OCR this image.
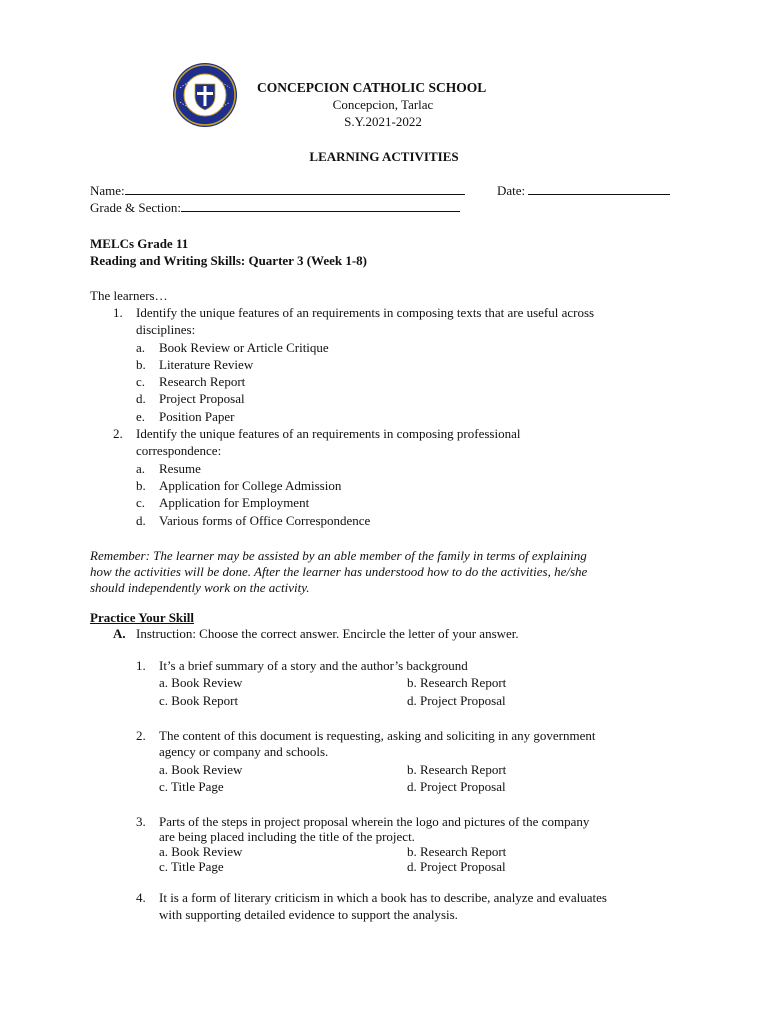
CONCEPCION CATHOLIC SCHOOL
Concepcion, Tarlac
S.Y.2021-2022
LEARNING ACTIVITIES
Name:	Date:
Grade & Section:
MELCs Grade 11
Reading and Writing Skills: Quarter 3 (Week 1-8)
The learners…
1. Identify the unique features of an requirements in composing texts that are useful across
disciplines:
a. Book Review or Article Critique
b. Literature Review
c. Research Report
d. Project Proposal
e. Position Paper
2. Identify the unique features of an requirements in composing professional
correspondence:
a. Resume
b. Application for College Admission
c. Application for Employment
d. Various forms of Office Correspondence
Remember: The learner may be assisted by an able member of the family in terms of explaining
how the activities will be done. After the learner has understood how to do the activities, he/she
should independently work on the activity.
Practice Your Skill
A. Instruction: Choose the correct answer. Encircle the letter of your answer.
1. It’s a brief summary of a story and the author’s background
a. Book Review	b. Research Report
c. Book Report	d. Project Proposal
2. The content of this document is requesting, asking and soliciting in any government
agency or company and schools.
a. Book Review	b. Research Report
c. Title Page	d. Project Proposal
3. Parts of the steps in project proposal wherein the logo and pictures of the company
are being placed including the title of the project.
a. Book Review	b. Research Report
c. Title Page	d. Project Proposal
4. It is a form of literary criticism in which a book has to describe, analyze and evaluates
with supporting detailed evidence to support the analysis.
